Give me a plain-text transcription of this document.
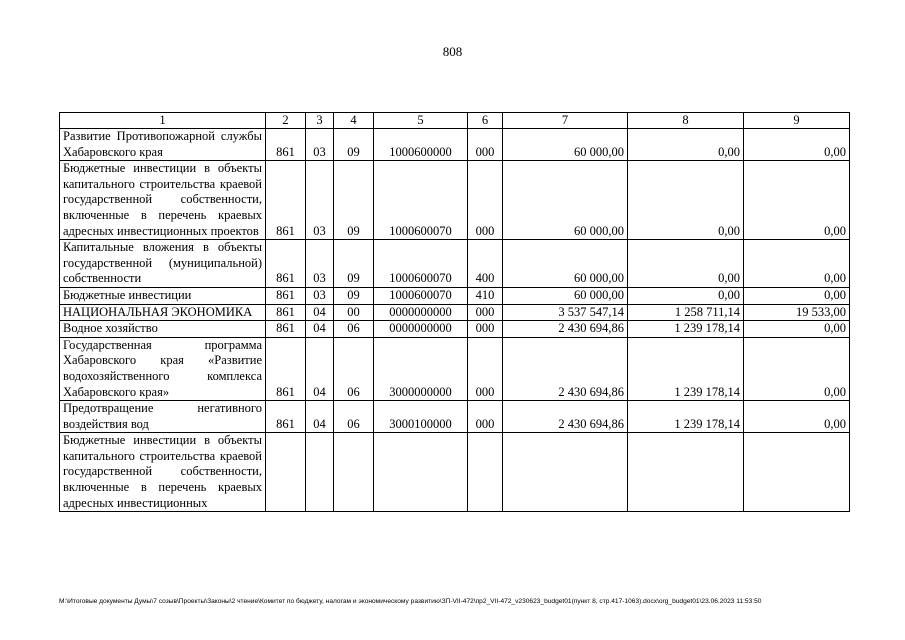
808
1	2	3	4	5	6	7	8	9
Развитие Противопожарной службы Хабаровского края	861	03	09	1000600000	000	60 000,00	0,00	0,00
Бюджетные инвестиции в объекты капитального строительства краевой государственной собственности, включенные в перечень краевых адресных инвестиционных проектов	861	03	09	1000600070	000	60 000,00	0,00	0,00
Капитальные вложения в объекты государственной (муниципальной) собственности	861	03	09	1000600070	400	60 000,00	0,00	0,00
Бюджетные инвестиции	861	03	09	1000600070	410	60 000,00	0,00	0,00
НАЦИОНАЛЬНАЯ ЭКОНОМИКА	861	04	00	0000000000	000	3 537 547,14	1 258 711,14	19 533,00
Водное хозяйство	861	04	06	0000000000	000	2 430 694,86	1 239 178,14	0,00
Государственная программа Хабаровского края «Развитие водохозяйственного комплекса Хабаровского края»	861	04	06	3000000000	000	2 430 694,86	1 239 178,14	0,00
Предотвращение негативного воздействия вод	861	04	06	3000100000	000	2 430 694,86	1 239 178,14	0,00
Бюджетные инвестиции в объекты капитального строительства краевой государственной собственности, включенные в перечень краевых адресных инвестиционных								
M:\Итоговые документы Думы\7 созыв\Проекты\Законы\2 чтение\Комитет по бюджету, налогам и экономическому развитию\ЗП-VII-472\пр2_VII-472_v230623_budget01(пункт 8, стр.417-1063).docx\org_budget01\23.06.2023 11:53:50
